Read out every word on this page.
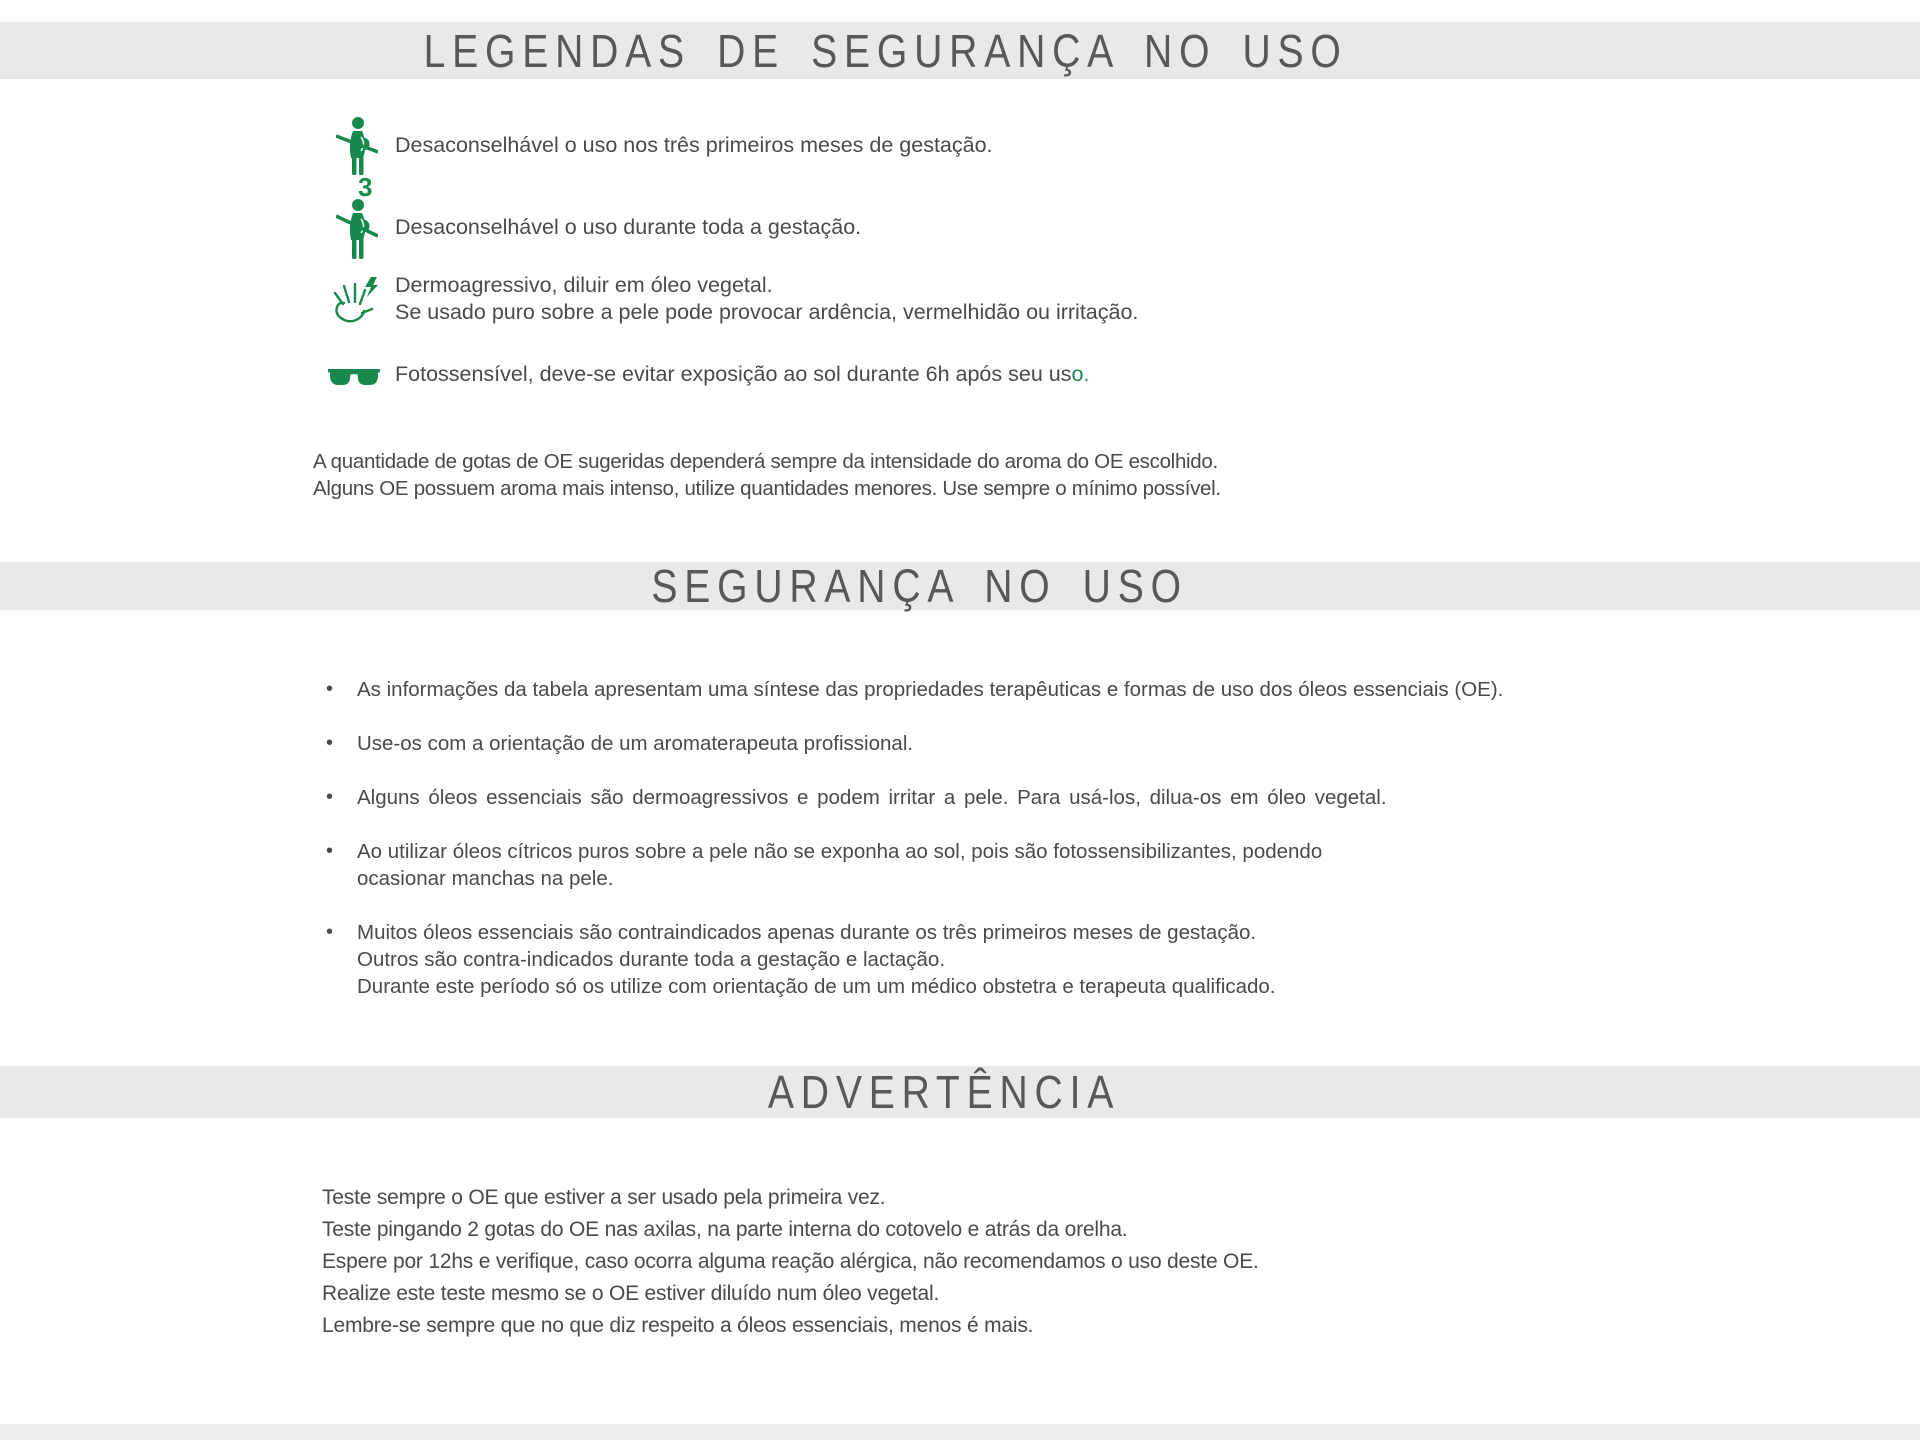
LEGENDAS DE SEGURANÇA NO USO
3
Desaconselhável o uso nos três primeiros meses de gestação.
Desaconselhável o uso durante toda a gestação.
Dermoagressivo, diluir em óleo vegetal.
Se usado puro sobre a pele pode provocar ardência, vermelhidão ou irritação.
Fotossensível, deve-se evitar exposição ao sol durante 6h após seu uso.
A quantidade de gotas de OE sugeridas dependerá sempre da intensidade do aroma do OE escolhido.
Alguns OE possuem aroma mais intenso, utilize quantidades menores. Use sempre o mínimo possível.
SEGURANÇA NO USO
•	As informações da tabela apresentam uma síntese das propriedades terapêuticas e formas de uso dos óleos essenciais (OE).
•	Use-os com a orientação de um aromaterapeuta profissional.
•	Alguns óleos essenciais são dermoagressivos e podem irritar a pele. Para usá-los, dilua-os em óleo vegetal.
•	Ao utilizar óleos cítricos puros sobre a pele não se exponha ao sol, pois são fotossensibilizantes, podendo
ocasionar manchas na pele.
•	Muitos óleos essenciais são contraindicados apenas durante os três primeiros meses de gestação.
Outros são contra-indicados durante toda a gestação e lactação.
Durante este período só os utilize com orientação de um um médico obstetra e terapeuta qualificado.
ADVERTÊNCIA
Teste sempre o OE que estiver a ser usado pela primeira vez.
Teste pingando 2 gotas do OE nas axilas, na parte interna do cotovelo e atrás da orelha.
Espere por 12hs e verifique, caso ocorra alguma reação alérgica, não recomendamos o uso deste OE.
Realize este teste mesmo se o OE estiver diluído num óleo vegetal.
Lembre-se sempre que no que diz respeito a óleos essenciais, menos é mais.
